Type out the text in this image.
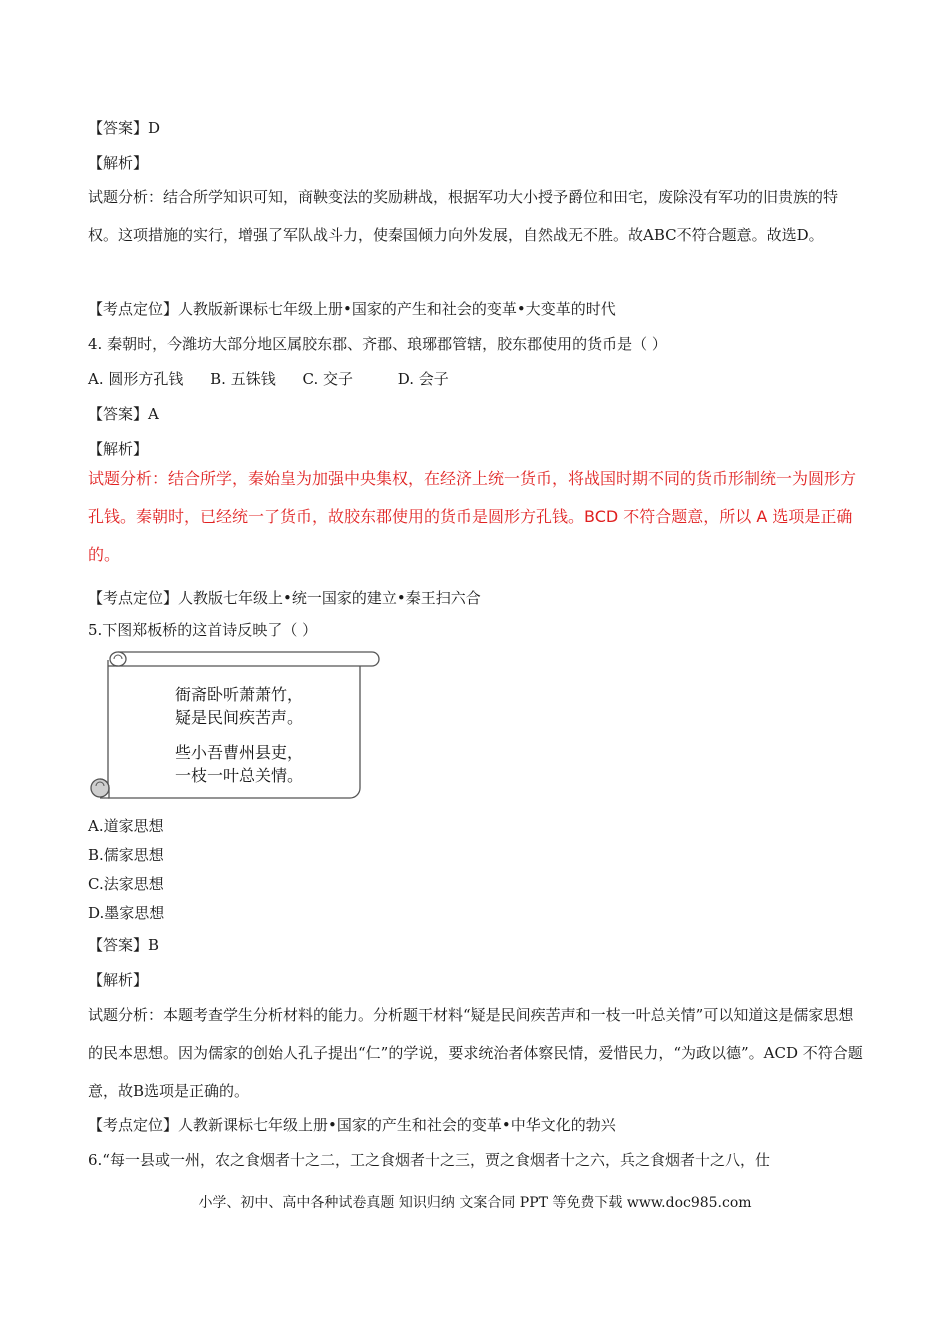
【答案】D
【解析】
试题分析：结合所学知识可知，商鞅变法的奖励耕战，根据军功大小授予爵位和田宅，废除没有军功的旧贵族的特权。这项措施的实行，增强了军队战斗力，使秦国倾力向外发展，自然战无不胜。故ABC不符合题意。故选D。
【考点定位】人教版新课标七年级上册•国家的产生和社会的变革•大变革的时代
4. 秦朝时，今潍坊大部分地区属胶东郡、齐郡、琅琊郡管辖，胶东郡使用的货币是（ ）
A. 圆形方孔钱 B. 五铢钱 C. 交子	D. 会子
【答案】A
【解析】
试题分析：结合所学，秦始皇为加强中央集权，在经济上统一货币，将战国时期不同的货币形制统一为圆形方孔钱。秦朝时，已经统一了货币，故胶东郡使用的货币是圆形方孔钱。BCD 不符合题意，所以 A 选项是正确的。
【考点定位】人教版七年级上•统一国家的建立•秦王扫六合
5.下图郑板桥的这首诗反映了（ ）
衙斋卧听萧萧竹，
疑是民间疾苦声。
些小吾曹州县吏，
一枝一叶总关情。
A.道家思想
B.儒家思想
C.法家思想
D.墨家思想
【答案】B
【解析】
试题分析：本题考查学生分析材料的能力。分析题干材料“疑是民间疾苦声和一枝一叶总关情”可以知道这是儒家思想的民本思想。因为儒家的创始人孔子提出“仁”的学说，要求统治者体察民情，爱惜民力，“为政以德”。ACD 不符合题意，故B选项是正确的。
【考点定位】人教新课标七年级上册•国家的产生和社会的变革•中华文化的勃兴
6.“每一县或一州，农之食烟者十之二，工之食烟者十之三，贾之食烟者十之六，兵之食烟者十之八，仕
小学、初中、高中各种试卷真题 知识归纳 文案合同 PPT 等免费下载 www.doc985.com
